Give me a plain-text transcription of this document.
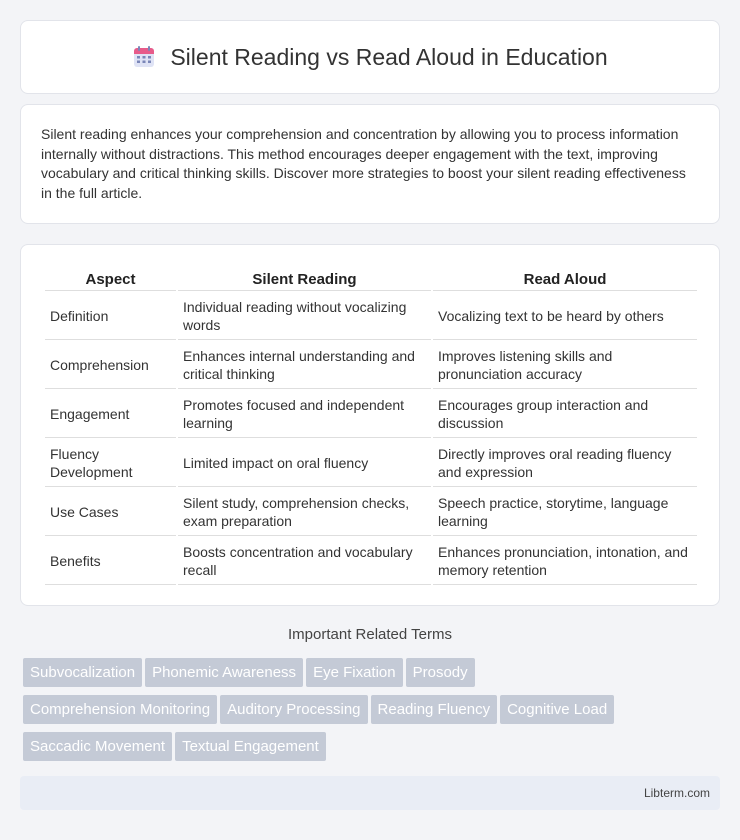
Silent Reading vs Read Aloud in Education

Silent reading enhances your comprehension and concentration by allowing you to process information internally without distractions. This method encourages deeper engagement with the text, improving vocabulary and critical thinking skills. Discover more strategies to boost your silent reading effectiveness in the full article.

Aspect	Silent Reading	Read Aloud
Definition	Individual reading without vocalizing words	Vocalizing text to be heard by others
Comprehension	Enhances internal understanding and critical thinking	Improves listening skills and pronunciation accuracy
Engagement	Promotes focused and independent learning	Encourages group interaction and discussion
Fluency Development	Limited impact on oral fluency	Directly improves oral reading fluency and expression
Use Cases	Silent study, comprehension checks, exam preparation	Speech practice, storytime, language learning
Benefits	Boosts concentration and vocabulary recall	Enhances pronunciation, intonation, and memory retention
Important Related Terms
Subvocalization Phonemic Awareness Eye Fixation Prosody
Comprehension Monitoring Auditory Processing Reading Fluency Cognitive Load
Saccadic Movement Textual Engagement
Libterm.com
